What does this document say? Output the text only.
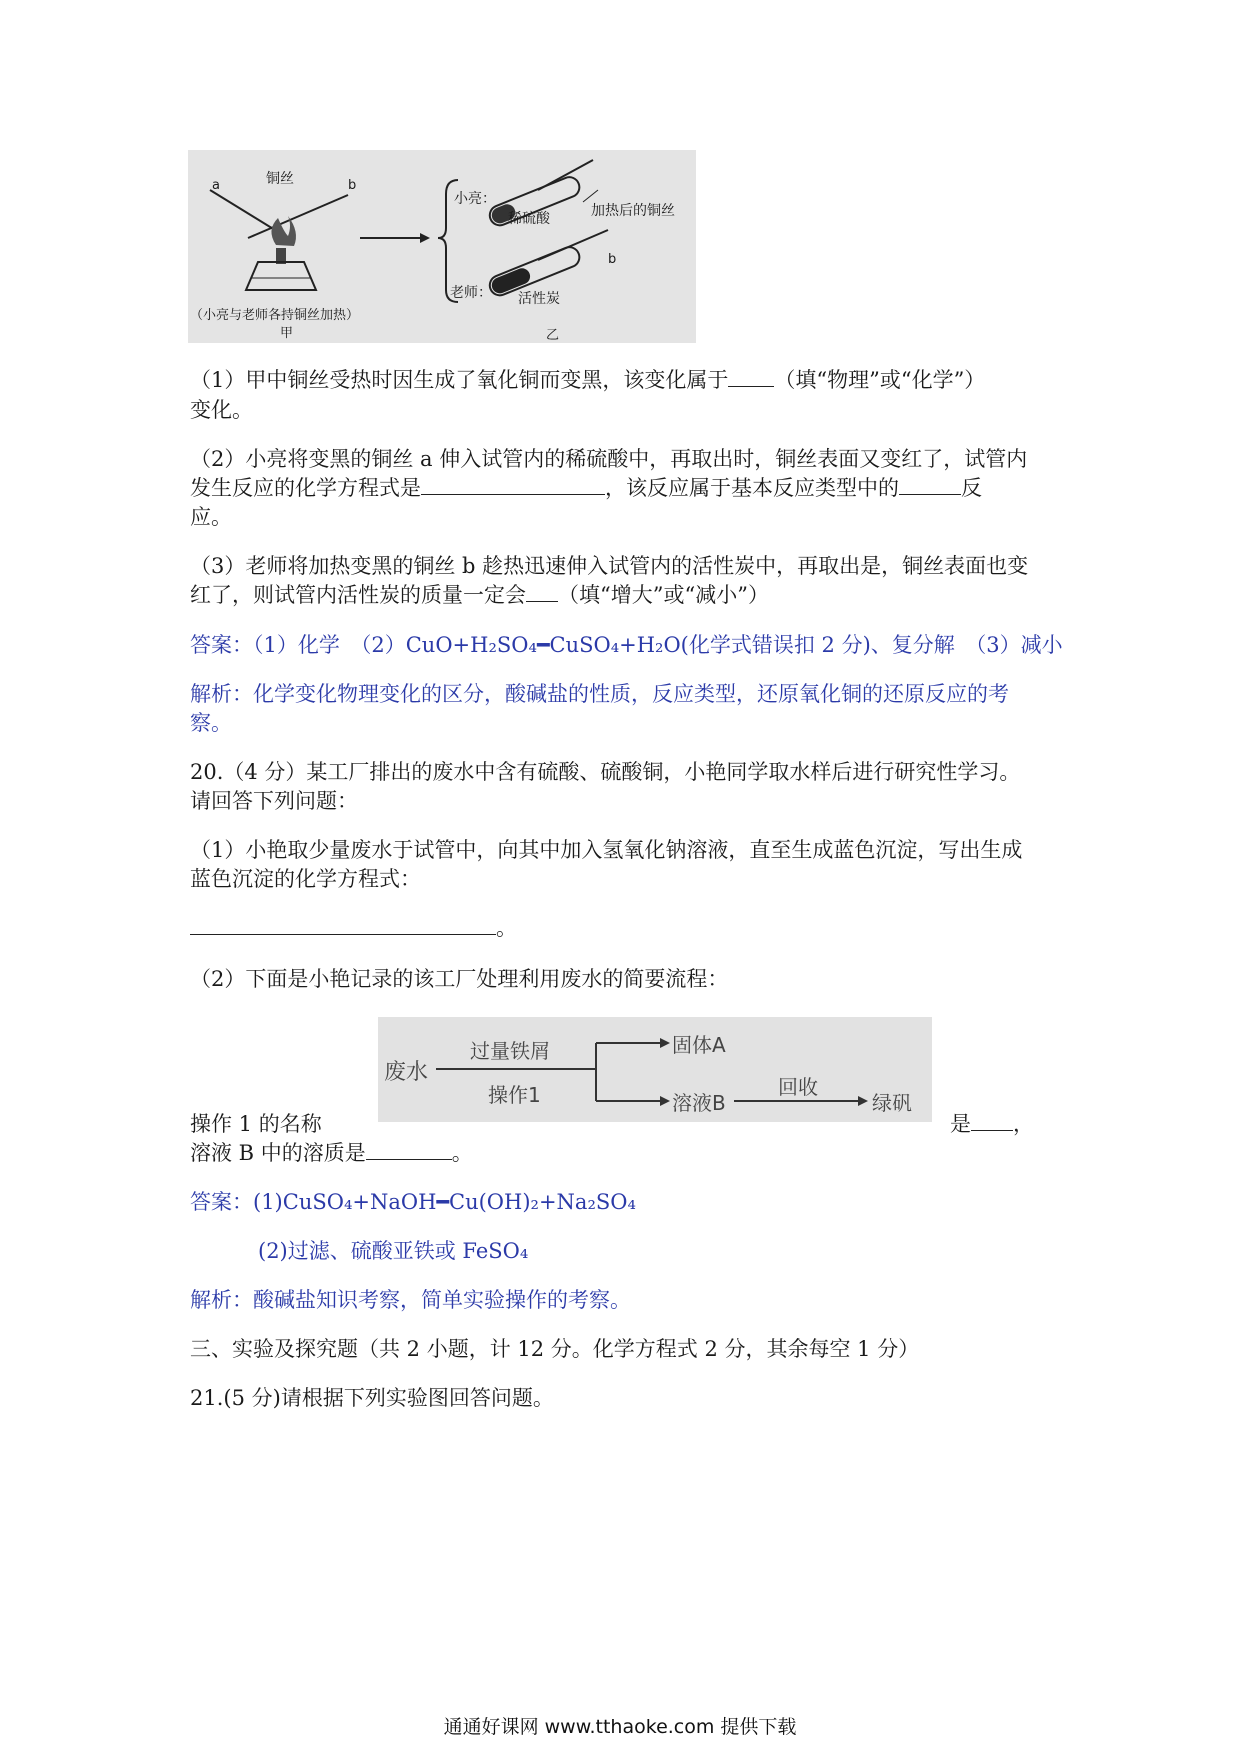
a	b
铜丝
（小亮与老师各持铜丝加热）
甲
小亮：
稀硫酸	加热后的铜丝
b
老师： 活性炭
乙
（1）甲中铜丝受热时因生成了氧化铜而变黑，该变化属于 （填“物理”或“化学”）
变化。
（2）小亮将变黑的铜丝 a 伸入试管内的稀硫酸中，再取出时，铜丝表面又变红了，试管内
发生反应的化学方程式是	，该反应属于基本反应类型中的	反
应。
（3）老师将加热变黑的铜丝 b 趁热迅速伸入试管内的活性炭中，再取出是，铜丝表面也变
红了，则试管内活性炭的质量一定会 （填“增大”或“减小”）
答案：（1）化学　（2）CuO+H₂SO₄━CuSO₄+H₂O(化学式错误扣 2 分)、复分解　（3）减小
解析：化学变化物理变化的区分，酸碱盐的性质，反应类型，还原氧化铜的还原反应的考
察。
20.（4 分）某工厂排出的废水中含有硫酸、硫酸铜，小艳同学取水样后进行研究性学习。
请回答下列问题：
（1）小艳取少量废水于试管中，向其中加入氢氧化钠溶液，直至生成蓝色沉淀，写出生成
蓝色沉淀的化学方程式：
。
（2）下面是小艳记录的该工厂处理利用废水的简要流程：
废水
过量铁屑
操作1
固体A
溶液B
回收
绿矾
操作 1 的名称	是 ，
溶液 B 中的溶质是	。
答案：(1)CuSO₄+NaOH━Cu(OH)₂+Na₂SO₄
(2)过滤、硫酸亚铁或 FeSO₄
解析：酸碱盐知识考察，简单实验操作的考察。
三、实验及探究题（共 2 小题，计 12 分。化学方程式 2 分，其余每空 1 分）
21.(5 分)请根据下列实验图回答问题。
通通好课网 www.tthaoke.com 提供下载
